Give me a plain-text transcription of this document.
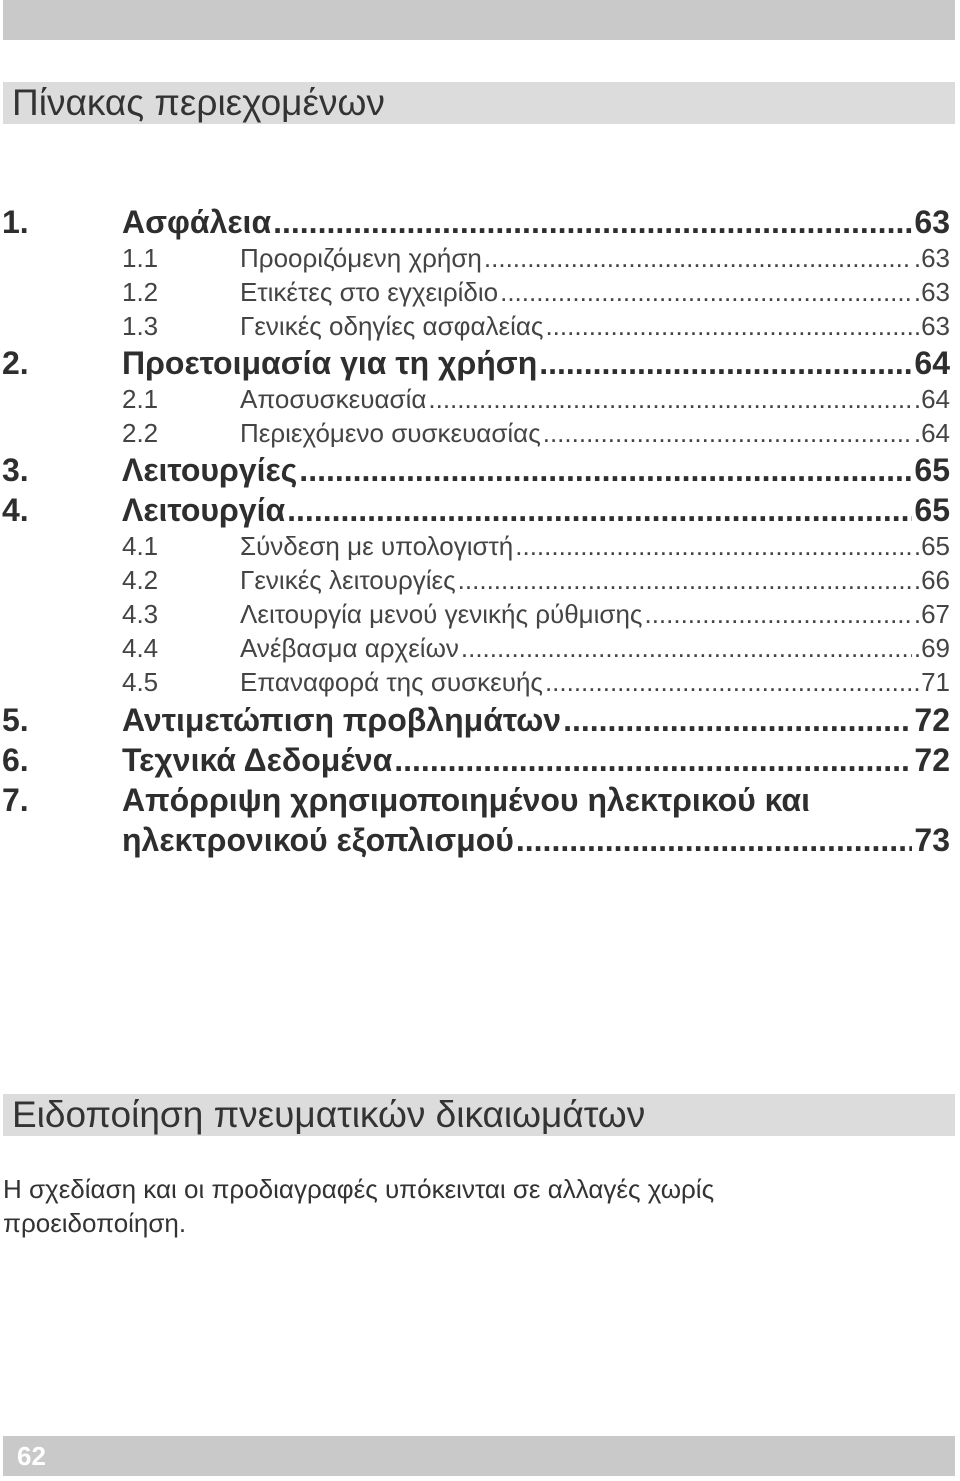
Πίνακας περιεχομένων
1.	Ασφάλεια .....	63
1.1	Προοριζόμενη χρήση .....	.63
1.2	Ετικέτες στο εγχειρίδιο .....	.63
1.3	Γενικές οδηγίες ασφαλείας .....	.63
2.	Προετοιμασία για τη χρήση .....	64
2.1	Αποσυσκευασία .....	.64
2.2	Περιεχόμενο συσκευασίας .....	.64
3.	Λειτουργίες .....	65
4.	Λειτουργία .....	65
4.1	Σύνδεση με υπολογιστή .....	.65
4.2	Γενικές λειτουργίες .....	.66
4.3	Λειτουργία μενού γενικής ρύθμισης .....	.67
4.4	Ανέβασμα αρχείων .....	.69
4.5	Επαναφορά της συσκευής .....	71
5.	Αντιμετώπιση προβλημάτων .....	72
6.	Τεχνικά Δεδομένα .....	72
7.	Απόρριψη χρησιμοποιημένου ηλεκτρικού και
ηλεκτρονικού εξοπλισμού .....	73
Ειδοποίηση πνευματικών δικαιωμάτων
Η σχεδίαση και οι προδιαγραφές υπόκεινται σε αλλαγές χωρίς προειδοποίηση.
62
